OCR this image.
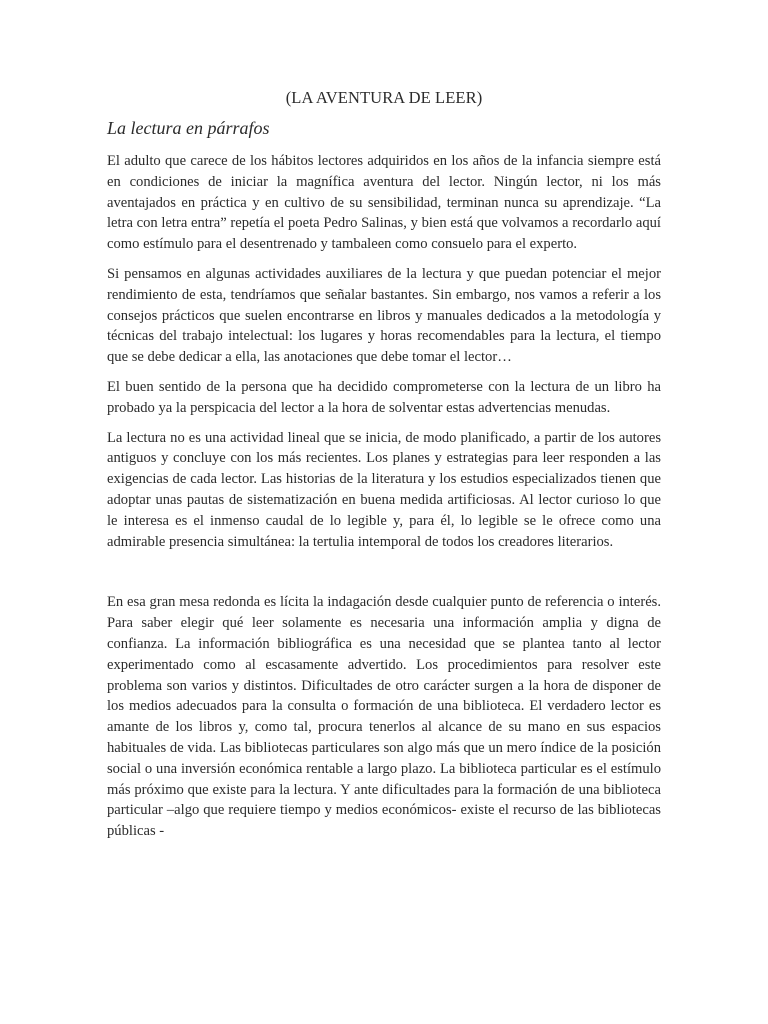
(LA AVENTURA DE LEER)
La lectura en párrafos

El adulto que carece de los hábitos lectores adquiridos en los años de la infancia siempre está en condiciones de iniciar la magnífica aventura del lector. Ningún lector, ni los más aventajados en práctica y en cultivo de su sensibilidad, terminan nunca su aprendizaje. “La letra con letra entra” repetía el poeta Pedro Salinas, y bien está que volvamos a recordarlo aquí como estímulo para el desentrenado y tambaleen como consuelo para el experto.

Si pensamos en algunas actividades auxiliares de la lectura y que puedan potenciar el mejor rendimiento de esta, tendríamos que señalar bastantes. Sin embargo, nos vamos a referir a los consejos prácticos que suelen encontrarse en libros y manuales dedicados a la metodología y técnicas del trabajo intelectual: los lugares y horas recomendables para la lectura, el tiempo que se debe dedicar a ella, las anotaciones que debe tomar el lector…

El buen sentido de la persona que ha decidido comprometerse con la lectura de un libro ha probado ya la perspicacia del lector a la hora de solventar estas advertencias menudas.

La lectura no es una actividad lineal que se inicia, de modo planificado, a partir de los autores antiguos y concluye con los más recientes. Los planes y estrategias para leer responden a las exigencias de cada lector. Las historias de la literatura y los estudios especializados tienen que adoptar unas pautas de sistematización en buena medida artificiosas. Al lector curioso lo que le interesa es el inmenso caudal de lo legible y, para él, lo legible se le ofrece como una admirable presencia simultánea: la tertulia intemporal de todos los creadores literarios.

En esa gran mesa redonda es lícita la indagación desde cualquier punto de referencia o interés. Para saber elegir qué leer solamente es necesaria una información amplia y digna de confianza. La información bibliográfica es una necesidad que se plantea tanto al lector experimentado como al escasamente advertido. Los procedimientos para resolver este problema son varios y distintos. Dificultades de otro carácter surgen a la hora de disponer de los medios adecuados para la consulta o formación de una biblioteca. El verdadero lector es amante de los libros y, como tal, procura tenerlos al alcance de su mano en sus espacios habituales de vida. Las bibliotecas particulares son algo más que un mero índice de la posición social o una inversión económica rentable a largo plazo. La biblioteca particular es el estímulo más próximo que existe para la lectura. Y ante dificultades para la formación de una biblioteca particular –algo que requiere tiempo y medios económicos- existe el recurso de las bibliotecas públicas -
